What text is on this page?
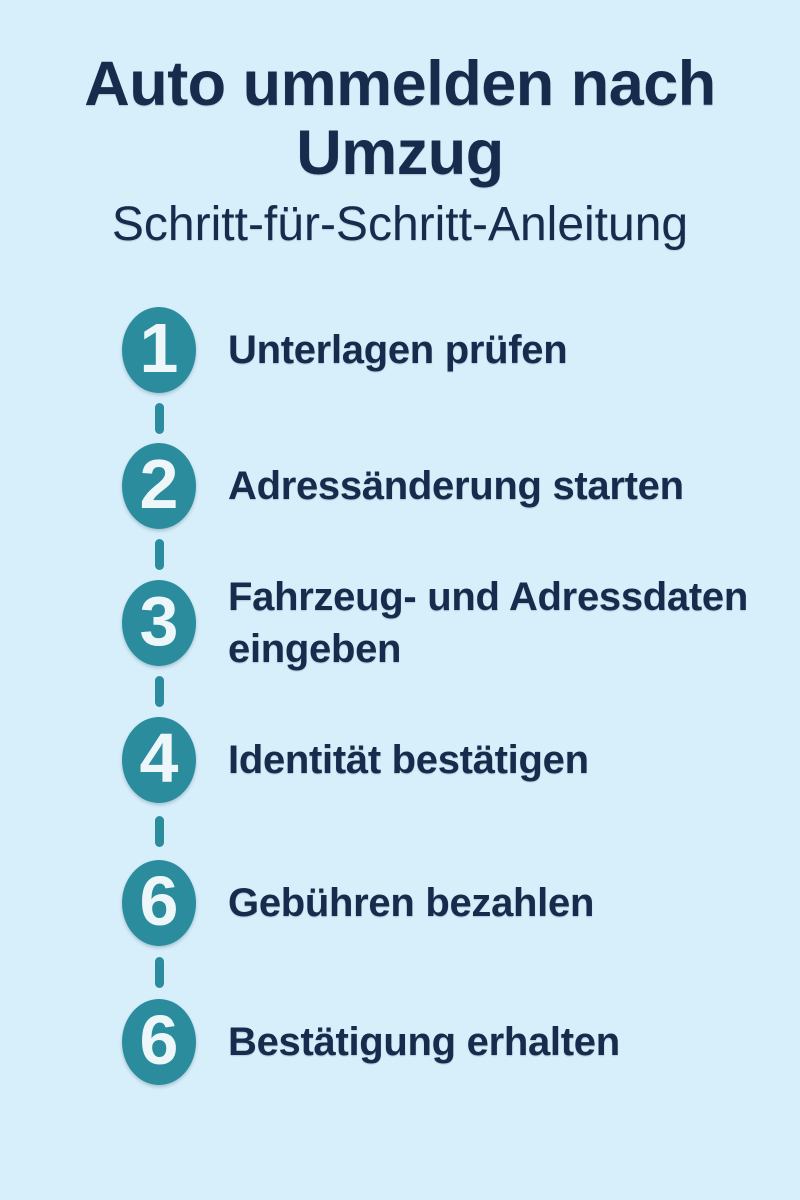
Auto ummelden nach Umzug
Schritt-für-Schritt-Anleitung
1 Unterlagen prüfen
2 Adressänderung starten
3 Fahrzeug- und Adressdaten eingeben
4 Identität bestätigen
6 Gebühren bezahlen
6 Bestätigung erhalten
